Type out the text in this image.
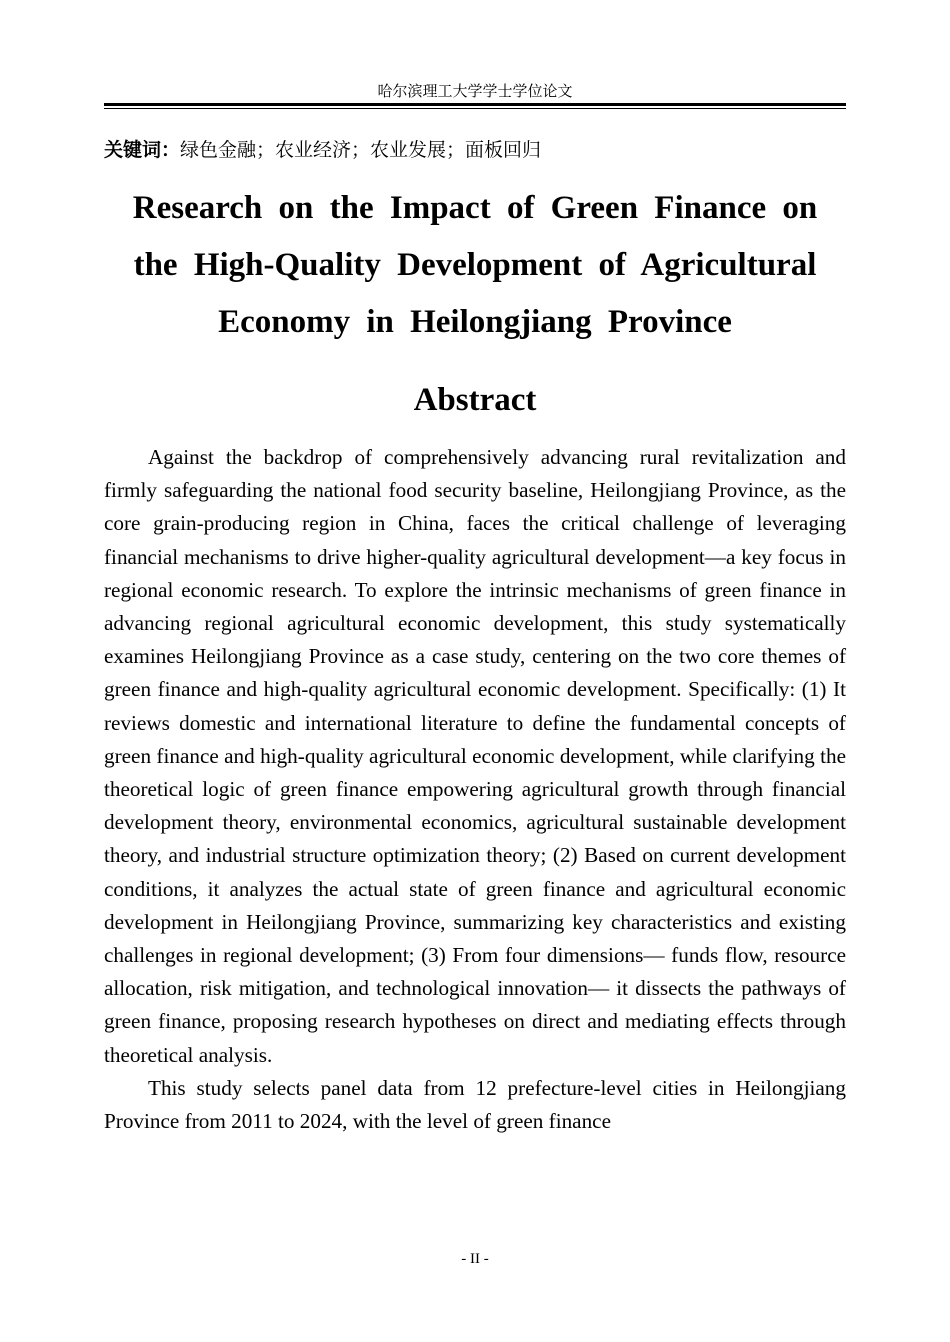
哈尔滨理工大学学士学位论文
关键词：绿色金融；农业经济；农业发展；面板回归
Research on the Impact of Green Finance on the High-Quality Development of Agricultural Economy in Heilongjiang Province
Abstract

Against the backdrop of comprehensively advancing rural revitalization and firmly safeguarding the national food security baseline, Heilongjiang Province, as the core grain-producing region in China, faces the critical challenge of leveraging financial mechanisms to drive higher-quality agricultural development—a key focus in regional economic research. To explore the intrinsic mechanisms of green finance in advancing regional agricultural economic development, this study systematically examines Heilongjiang Province as a case study, centering on the two core themes of green finance and high-quality agricultural economic development. Specifically: (1) It reviews domestic and international literature to define the fundamental concepts of green finance and high-quality agricultural economic development, while clarifying the theoretical logic of green finance empowering agricultural growth through financial development theory, environmental economics, agricultural sustainable development theory, and industrial structure optimization theory; (2) Based on current development conditions, it analyzes the actual state of green finance and agricultural economic development in Heilongjiang Province, summarizing key characteristics and existing challenges in regional development; (3) From four dimensions— funds flow, resource allocation, risk mitigation, and technological innovation— it dissects the pathways of green finance, proposing research hypotheses on direct and mediating effects through theoretical analysis.

This study selects panel data from 12 prefecture-level cities in Heilongjiang Province from 2011 to 2024, with the level of green finance

- II -
